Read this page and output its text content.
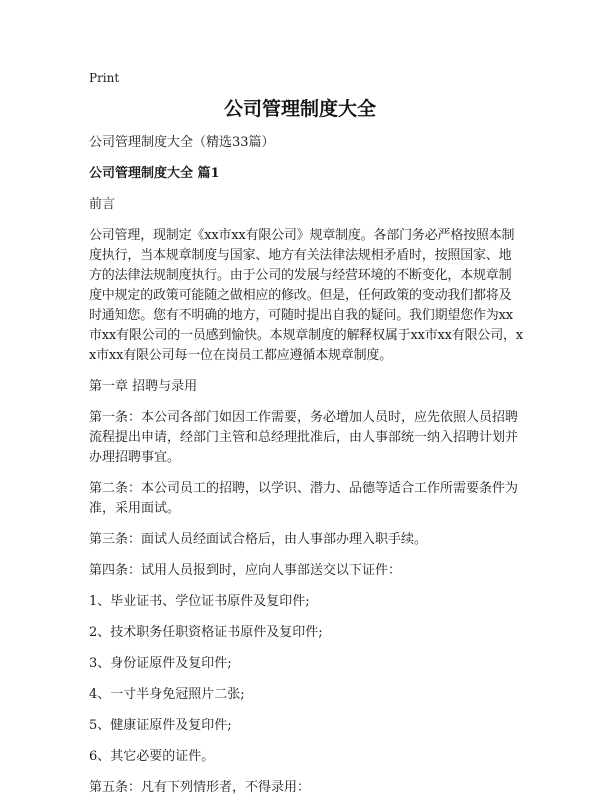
Print
公司管理制度大全

公司管理制度大全（精选33篇）

公司管理制度大全 篇1

前言

公司管理，现制定《xx市xx有限公司》规章制度。各部门务必严格按照本制度执行，当本规章制度与国家、地方有关法律法规相矛盾时，按照国家、地方的法律法规制度执行。由于公司的发展与经营环境的不断变化，本规章制度中规定的政策可能随之做相应的修改。但是，任何政策的变动我们都将及时通知您。您有不明确的地方，可随时提出自我的疑问。我们期望您作为xx市xx有限公司的一员感到愉快。本规章制度的解释权属于xx市xx有限公司，xx市xx有限公司每一位在岗员工都应遵循本规章制度。

第一章 招聘与录用

第一条：本公司各部门如因工作需要，务必增加人员时，应先依照人员招聘流程提出申请，经部门主管和总经理批准后，由人事部统一纳入招聘计划并办理招聘事宜。

第二条：本公司员工的招聘，以学识、潜力、品德等适合工作所需要条件为准，采用面试。

第三条：面试人员经面试合格后，由人事部办理入职手续。

第四条：试用人员报到时，应向人事部送交以下证件：

1、毕业证书、学位证书原件及复印件;

2、技术职务任职资格证书原件及复印件;

3、身份证原件及复印件;

4、一寸半身免冠照片二张;

5、健康证原件及复印件;

6、其它必要的证件。

第五条：凡有下列情形者，不得录用：
